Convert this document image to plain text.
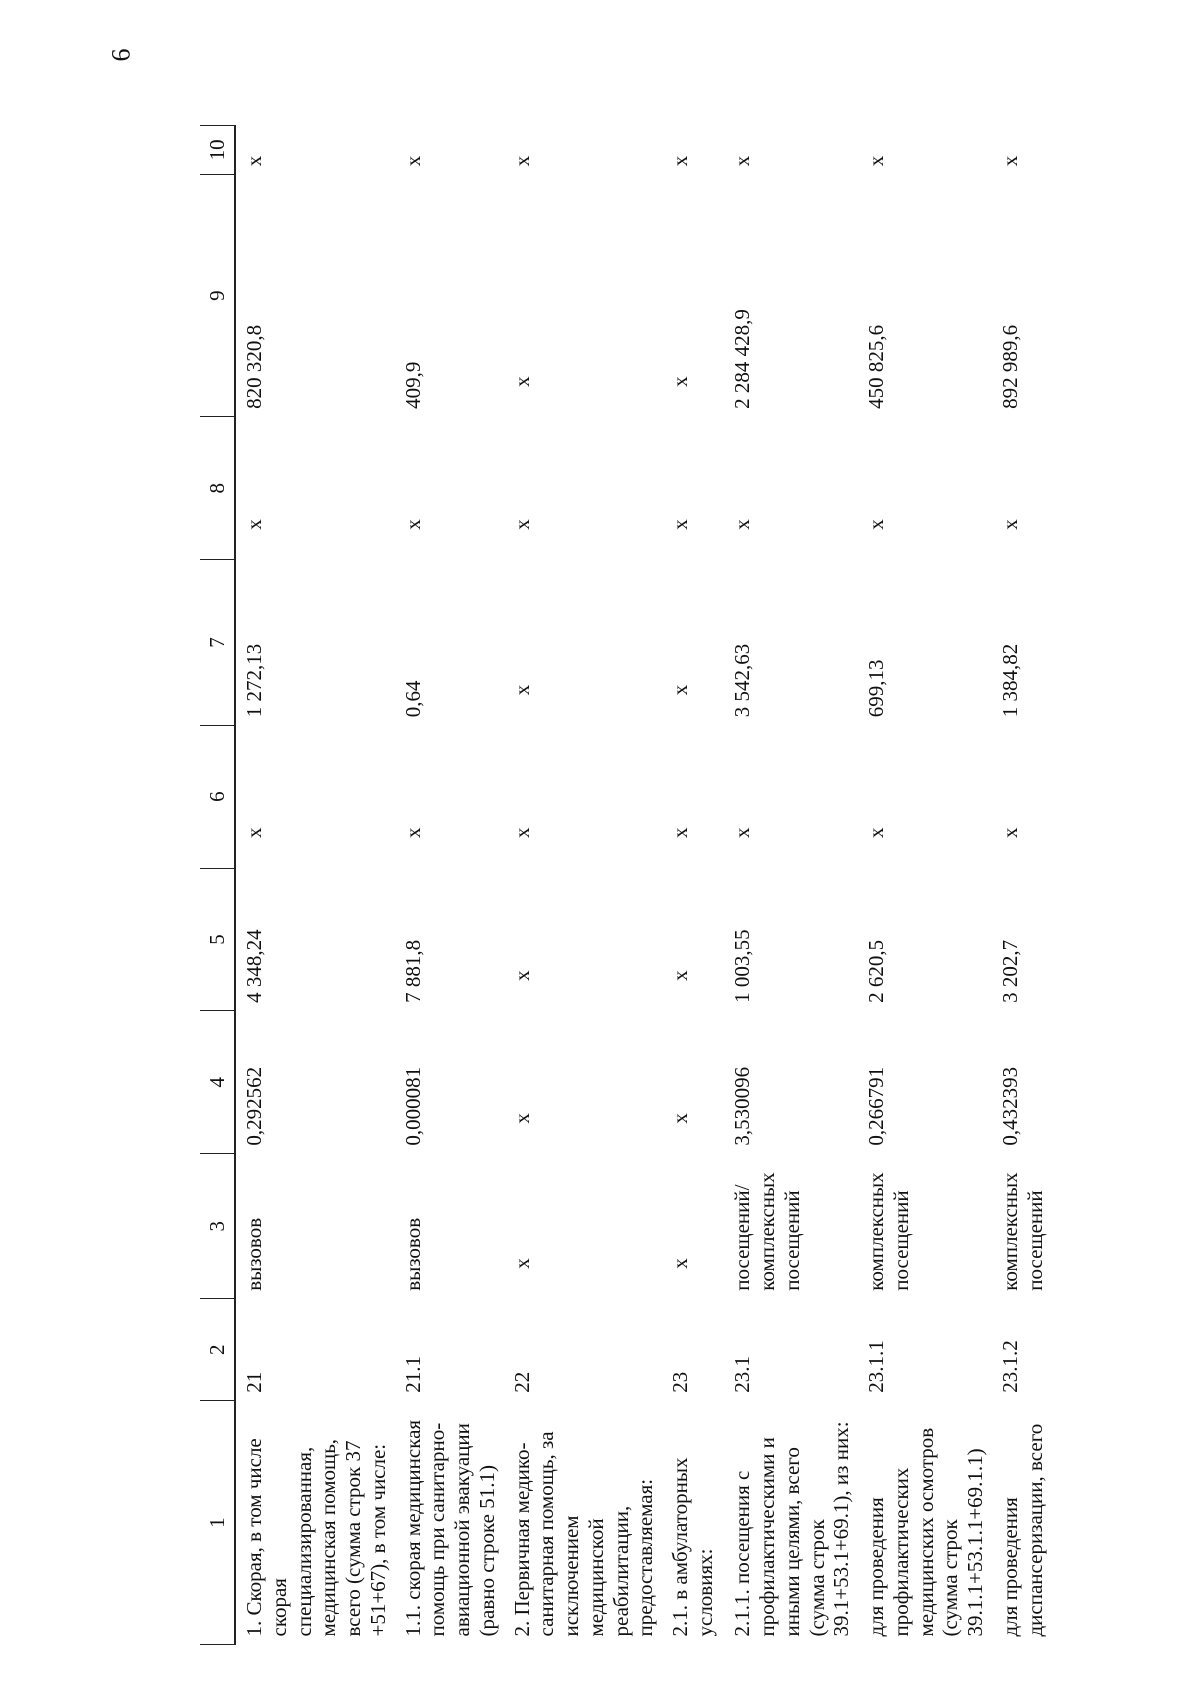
6
1	2	3	4	5	6	7	8	9	10
1. Скорая, в том числе скорая специализированная, медицинская помощь, всего (сумма строк 37 +51+67), в том числе:	21	вызовов	0,292562	4 348,24	х	1 272,13	х	820 320,8	х
1.1. скорая медицинская помощь при санитарно-авиационной эвакуации (равно строке 51.1)	21.1	вызовов	0,000081	7 881,8	х	0,64	х	409,9	х
2. Первичная медико-санитарная помощь, за исключением медицинской реабилитации, предоставляемая:	22	х	х	х	х	х	х	х	х
2.1. в амбулаторных условиях:	23	х	х	х	х	х	х	х	х
2.1.1. посещения с профилактическими и иными целями, всего (сумма строк 39.1+53.1+69.1), из них:	23.1	посещений/ комплексных посещений	3,530096	1 003,55	х	3 542,63	х	2 284 428,9	х
для проведения профилактических медицинских осмотров (сумма строк 39.1.1+53.1.1+69.1.1)	23.1.1	комплексных посещений	0,266791	2 620,5	х	699,13	х	450 825,6	х
для проведения диспансеризации, всего	23.1.2	комплексных посещений	0,432393	3 202,7	х	1 384,82	х	892 989,6	х
